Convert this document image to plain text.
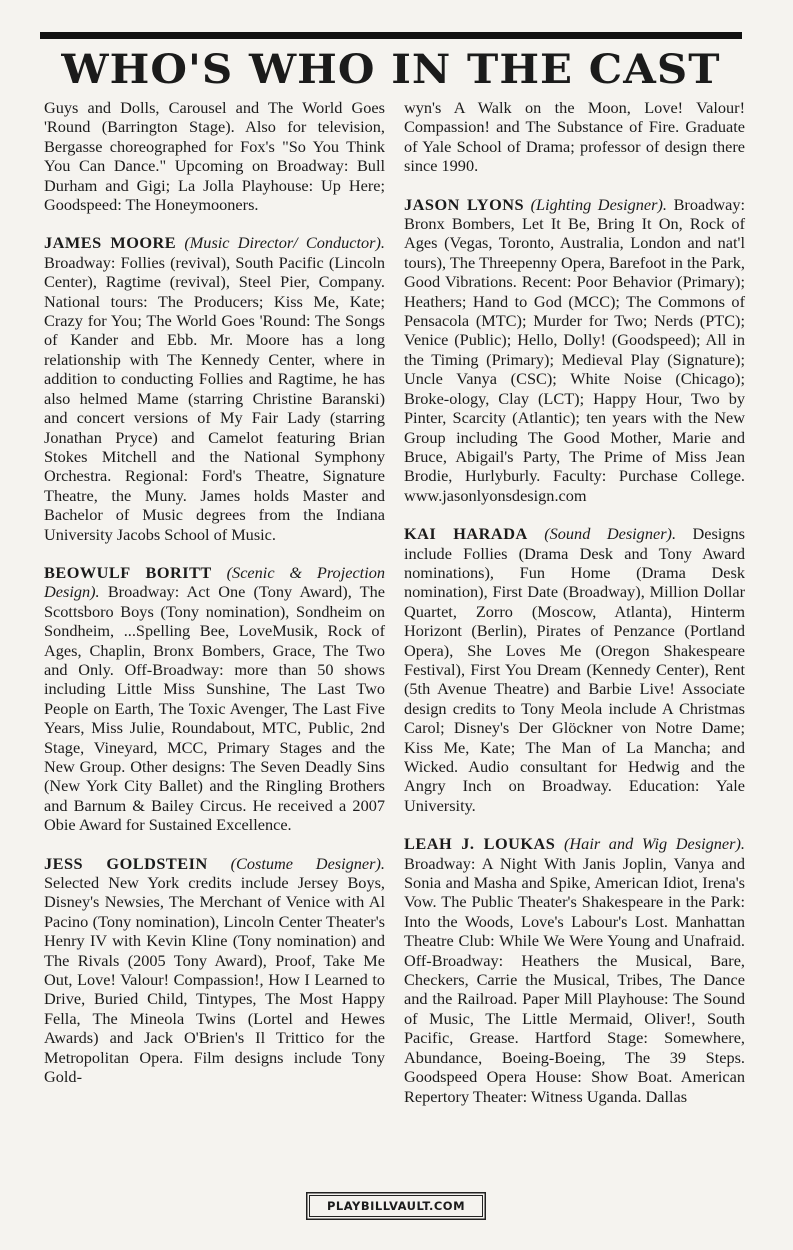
WHO'S WHO IN THE CAST

Guys and Dolls, Carousel and The World Goes 'Round (Barrington Stage). Also for television, Bergasse choreographed for Fox's "So You Think You Can Dance." Upcoming on Broadway: Bull Durham and Gigi; La Jolla Playhouse: Up Here; Goodspeed: The Honeymooners.

JAMES MOORE (Music Director/ Conductor). Broadway: Follies (revival), South Pacific (Lincoln Center), Ragtime (revival), Steel Pier, Company. National tours: The Producers; Kiss Me, Kate; Crazy for You; The World Goes 'Round: The Songs of Kander and Ebb. Mr. Moore has a long relationship with The Kennedy Center, where in addition to conducting Follies and Ragtime, he has also helmed Mame (starring Christine Baranski) and concert versions of My Fair Lady (starring Jonathan Pryce) and Camelot featuring Brian Stokes Mitchell and the National Symphony Orchestra. Regional: Ford's Theatre, Signature Theatre, the Muny. James holds Master and Bachelor of Music degrees from the Indiana University Jacobs School of Music.

BEOWULF BORITT (Scenic & Projection Design). Broadway: Act One (Tony Award), The Scottsboro Boys (Tony nomination), Sondheim on Sondheim, ...Spelling Bee, LoveMusik, Rock of Ages, Chaplin, Bronx Bombers, Grace, The Two and Only. Off-Broadway: more than 50 shows including Little Miss Sunshine, The Last Two People on Earth, The Toxic Avenger, The Last Five Years, Miss Julie, Roundabout, MTC, Public, 2nd Stage, Vineyard, MCC, Primary Stages and the New Group. Other designs: The Seven Deadly Sins (New York City Ballet) and the Ringling Brothers and Barnum & Bailey Circus. He received a 2007 Obie Award for Sustained Excellence.

JESS GOLDSTEIN (Costume Designer). Selected New York credits include Jersey Boys, Disney's Newsies, The Merchant of Venice with Al Pacino (Tony nomination), Lincoln Center Theater's Henry IV with Kevin Kline (Tony nomination) and The Rivals (2005 Tony Award), Proof, Take Me Out, Love! Valour! Compassion!, How I Learned to Drive, Buried Child, Tintypes, The Most Happy Fella, The Mineola Twins (Lortel and Hewes Awards) and Jack O'Brien's Il Trittico for the Metropolitan Opera. Film designs include Tony Gold-

wyn's A Walk on the Moon, Love! Valour! Compassion! and The Substance of Fire. Graduate of Yale School of Drama; professor of design there since 1990.

JASON LYONS (Lighting Designer). Broadway: Bronx Bombers, Let It Be, Bring It On, Rock of Ages (Vegas, Toronto, Australia, London and nat'l tours), The Threepenny Opera, Barefoot in the Park, Good Vibrations. Recent: Poor Behavior (Primary); Heathers; Hand to God (MCC); The Commons of Pensacola (MTC); Murder for Two; Nerds (PTC); Venice (Public); Hello, Dolly! (Goodspeed); All in the Timing (Primary); Medieval Play (Signature); Uncle Vanya (CSC); White Noise (Chicago); Broke-ology, Clay (LCT); Happy Hour, Two by Pinter, Scarcity (Atlantic); ten years with the New Group including The Good Mother, Marie and Bruce, Abigail's Party, The Prime of Miss Jean Brodie, Hurlyburly. Faculty: Purchase College. www.jasonlyonsdesign.com

KAI HARADA (Sound Designer). Designs include Follies (Drama Desk and Tony Award nominations), Fun Home (Drama Desk nomination), First Date (Broadway), Million Dollar Quartet, Zorro (Moscow, Atlanta), Hinterm Horizont (Berlin), Pirates of Penzance (Portland Opera), She Loves Me (Oregon Shakespeare Festival), First You Dream (Kennedy Center), Rent (5th Avenue Theatre) and Barbie Live! Associate design credits to Tony Meola include A Christmas Carol; Disney's Der Glöckner von Notre Dame; Kiss Me, Kate; The Man of La Mancha; and Wicked. Audio consultant for Hedwig and the Angry Inch on Broadway. Education: Yale University.

LEAH J. LOUKAS (Hair and Wig Designer). Broadway: A Night With Janis Joplin, Vanya and Sonia and Masha and Spike, American Idiot, Irena's Vow. The Public Theater's Shakespeare in the Park: Into the Woods, Love's Labour's Lost. Manhattan Theatre Club: While We Were Young and Unafraid. Off-Broadway: Heathers the Musical, Bare, Checkers, Carrie the Musical, Tribes, The Dance and the Railroad. Paper Mill Playhouse: The Sound of Music, The Little Mermaid, Oliver!, South Pacific, Grease. Hartford Stage: Somewhere, Abundance, Boeing-Boeing, The 39 Steps. Goodspeed Opera House: Show Boat. American Repertory Theater: Witness Uganda. Dallas

PLAYBILLVAULT.COM
